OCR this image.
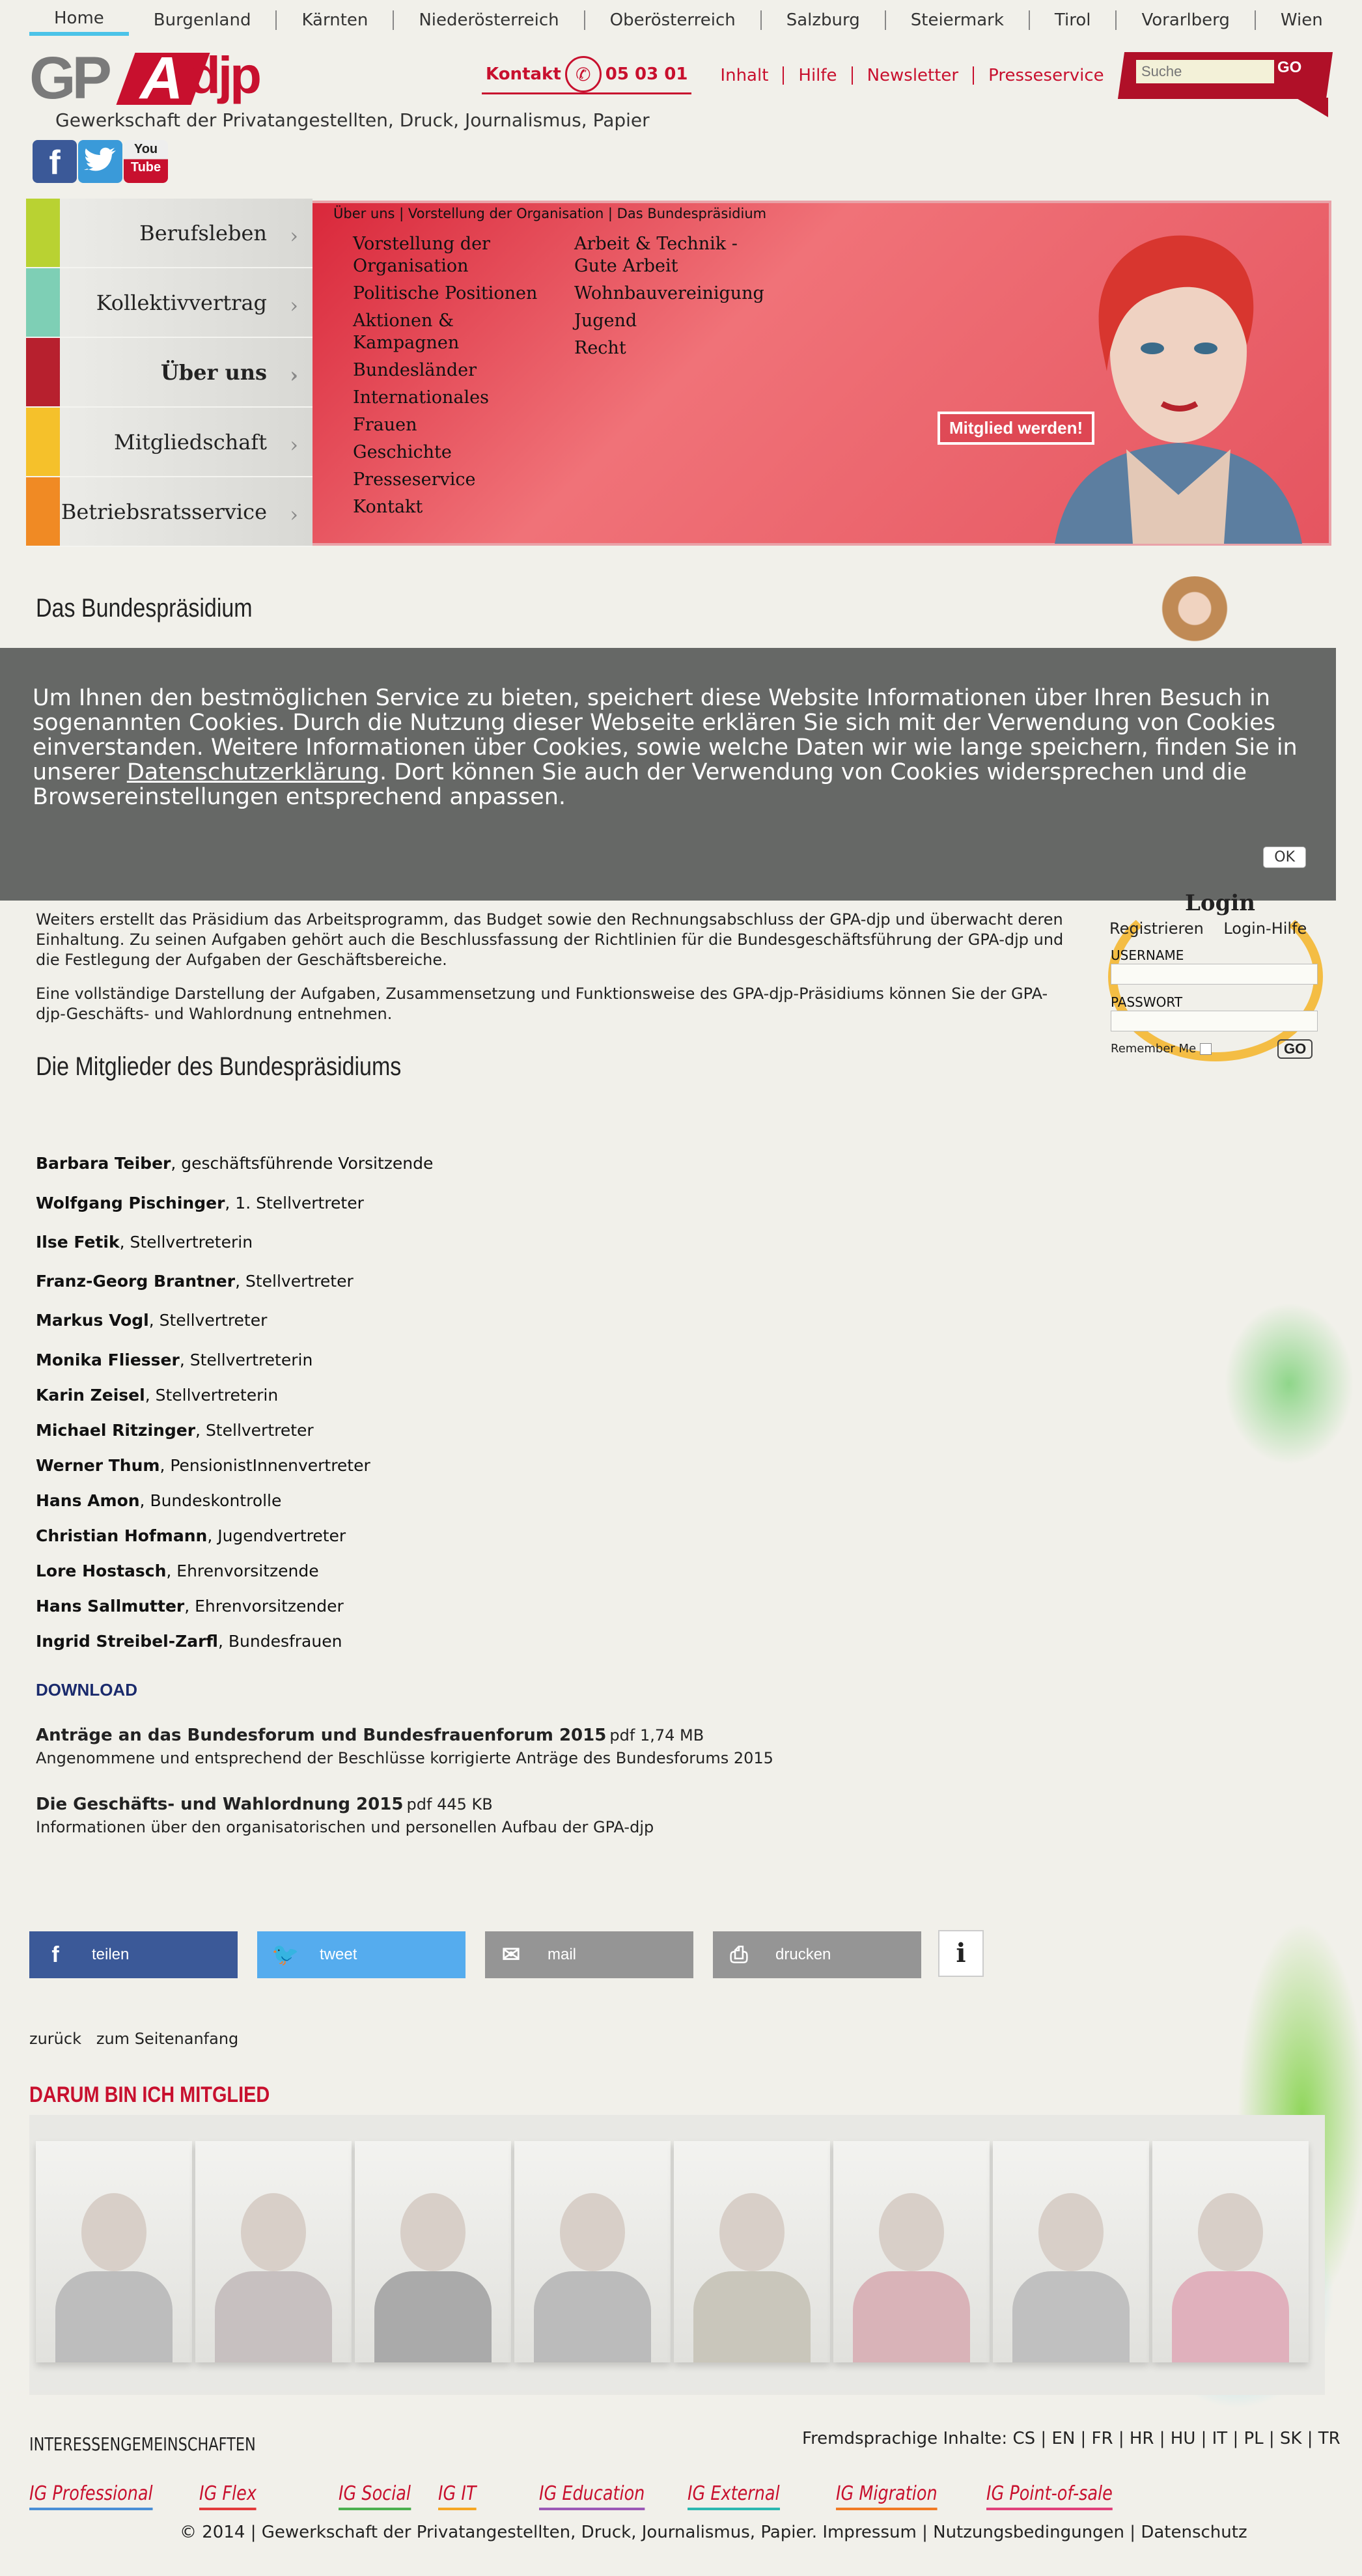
Home	Burgenland	Kärnten	Niederösterreich	Oberösterreich	Salzburg	Steiermark	Tirol	Vorarlberg	Wien
GP A djp
Gewerkschaft der Privatangestellten, Druck, Journalismus, Papier
f	You
Tube
Kontakt ✆ 05 03 01	Inhalt	Hilfe	Newsletter	Presseservice
Suche	GO
Über uns | Vorstellung der Organisation | Das Bundespräsidium
Vorstellung der Organisation
Politische Positionen
Aktionen & Kampagnen
Bundesländer
Internationales
Frauen
Geschichte
Presseservice
Kontakt
Arbeit & Technik - Gute Arbeit
Wohnbauvereinigung
Jugend
Recht
Mitglied werden!
Berufsleben ›
Kollektivvertrag ›
Über uns ›
Mitgliedschaft ›
Betriebsratsservice ›
Das Bundespräsidium

Um Ihnen den bestmöglichen Service zu bieten, speichert diese Website Informationen über Ihren Besuch in sogenannten Cookies. Durch die Nutzung dieser Webseite erklären Sie sich mit der Verwendung von Cookies einverstanden. Weitere Informationen über Cookies, sowie welche Daten wir wie lange speichern, finden Sie in unserer Datenschutzerklärung. Dort können Sie auch der Verwendung von Cookies widersprechen und die Browsereinstellungen entsprechend anpassen.

OK
Login
Registrieren Login-Hilfe
USERNAME
PASSWORT
Remember Me	GO
Weiters erstellt das Präsidium das Arbeitsprogramm, das Budget sowie den Rechnungsabschluss der GPA-djp und überwacht deren Einhaltung. Zu seinen Aufgaben gehört auch die Beschlussfassung der Richtlinien für die Bundesgeschäftsführung der GPA-djp und die Festlegung der Aufgaben der Geschäftsbereiche.
Eine vollständige Darstellung der Aufgaben, Zusammensetzung und Funktionsweise des GPA-djp-Präsidiums können Sie der GPA-djp-Geschäfts- und Wahlordnung entnehmen.
Die Mitglieder des Bundespräsidiums
Barbara Teiber, geschäftsführende Vorsitzende
Wolfgang Pischinger, 1. Stellvertreter
Ilse Fetik, Stellvertreterin
Franz-Georg Brantner, Stellvertreter
Markus Vogl, Stellvertreter
Monika Fliesser, Stellvertreterin
Karin Zeisel, Stellvertreterin
Michael Ritzinger, Stellvertreter
Werner Thum, PensionistInnenvertreter
Hans Amon, Bundeskontrolle
Christian Hofmann, Jugendvertreter
Lore Hostasch, Ehrenvorsitzende
Hans Sallmutter, Ehrenvorsitzender
Ingrid Streibel-Zarfl, Bundesfrauen
DOWNLOAD
Anträge an das Bundesforum und Bundesfrauenforum 2015 pdf 1,74 MB
Angenommene und entsprechend der Beschlüsse korrigierte Anträge des Bundesforums 2015
Die Geschäfts- und Wahlordnung 2015 pdf 445 KB
Informationen über den organisatorischen und personellen Aufbau der GPA-djp
f	teilen	🐦 tweet	✉ mail	⎙ drucken	i
zurück zum Seitenanfang
DARUM BIN ICH MITGLIED
INTERESSENGEMEINSCHAFTEN	Fremdsprachige Inhalte: CS | EN | FR | HR | HU | IT | PL | SK | TR
IG Professional IG Flex	IG Social IG IT	IG Education IG External	IG Migration	IG Point-of-sale
© 2014 | Gewerkschaft der Privatangestellten, Druck, Journalismus, Papier. Impressum | Nutzungsbedingungen | Datenschutz
